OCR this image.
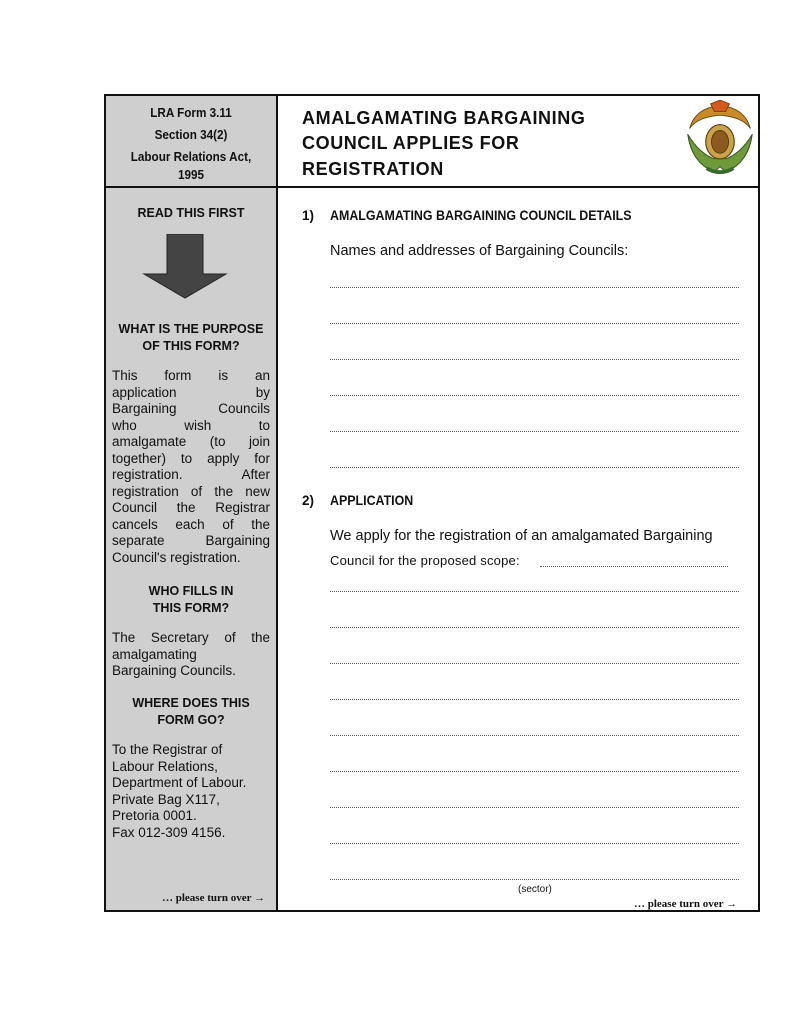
LRA Form 3.11
Section 34(2)
Labour Relations Act,
1995
READ THIS FIRST
WHAT IS THE PURPOSE
OF THIS FORM?
This form is an
application by
Bargaining Councils
who wish to
amalgamate (to join
together) to apply for
registration. After
registration of the new
Council the Registrar
cancels each of the
separate Bargaining
Council's registration.
WHO FILLS IN
THIS FORM?
The Secretary of the
amalgamating
Bargaining Councils.
WHERE DOES THIS
FORM GO?
To the Registrar of
Labour Relations,
Department of Labour.
Private Bag X117,
Pretoria 0001.
Fax 012-309 4156.
… please turn over →
AMALGAMATING BARGAINING
COUNCIL APPLIES FOR
REGISTRATION
1) AMALGAMATING BARGAINING COUNCIL DETAILS
Names and addresses of Bargaining Councils:
2) APPLICATION
We apply for the registration of an amalgamated Bargaining
Council for the proposed scope:
(sector)
… please turn over →
